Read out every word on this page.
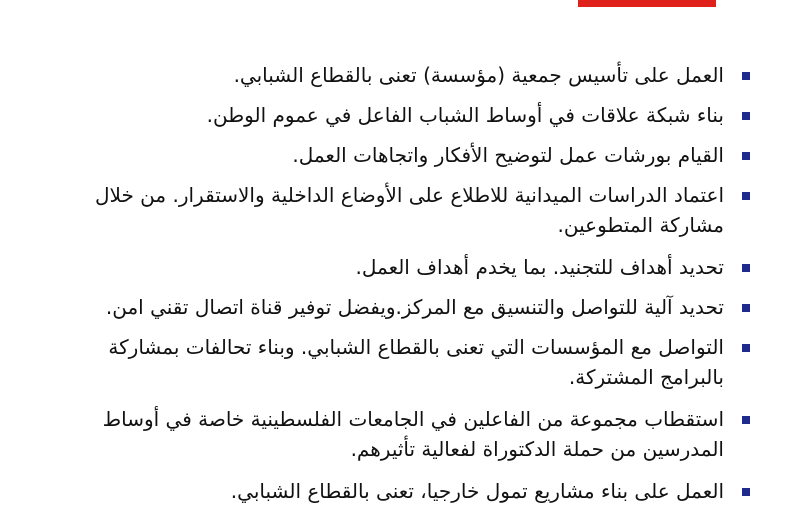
العمل على تأسيس جمعية (مؤسسة) تعنى بالقطاع الشبابي.
بناء شبكة علاقات في أوساط الشباب الفاعل في عموم الوطن.
القيام بورشات عمل لتوضيح الأفكار واتجاهات العمل.
اعتماد الدراسات الميدانية للاطلاع على الأوضاع الداخلية والاستقرار. من خلال مشاركة المتطوعين.
تحديد أهداف للتجنيد. بما يخدم أهداف العمل.
تحديد آلية للتواصل والتنسيق مع المركز.ويفضل توفير قناة اتصال تقني امن.
التواصل مع المؤسسات التي تعنى بالقطاع الشبابي. وبناء تحالفات بمشاركة بالبرامج المشتركة.
استقطاب مجموعة من الفاعلين في الجامعات الفلسطينية خاصة في أوساط المدرسين من حملة الدكتوراة لفعالية تأثيرهم.
العمل على بناء مشاريع تمول خارجيا، تعنى بالقطاع الشبابي.
